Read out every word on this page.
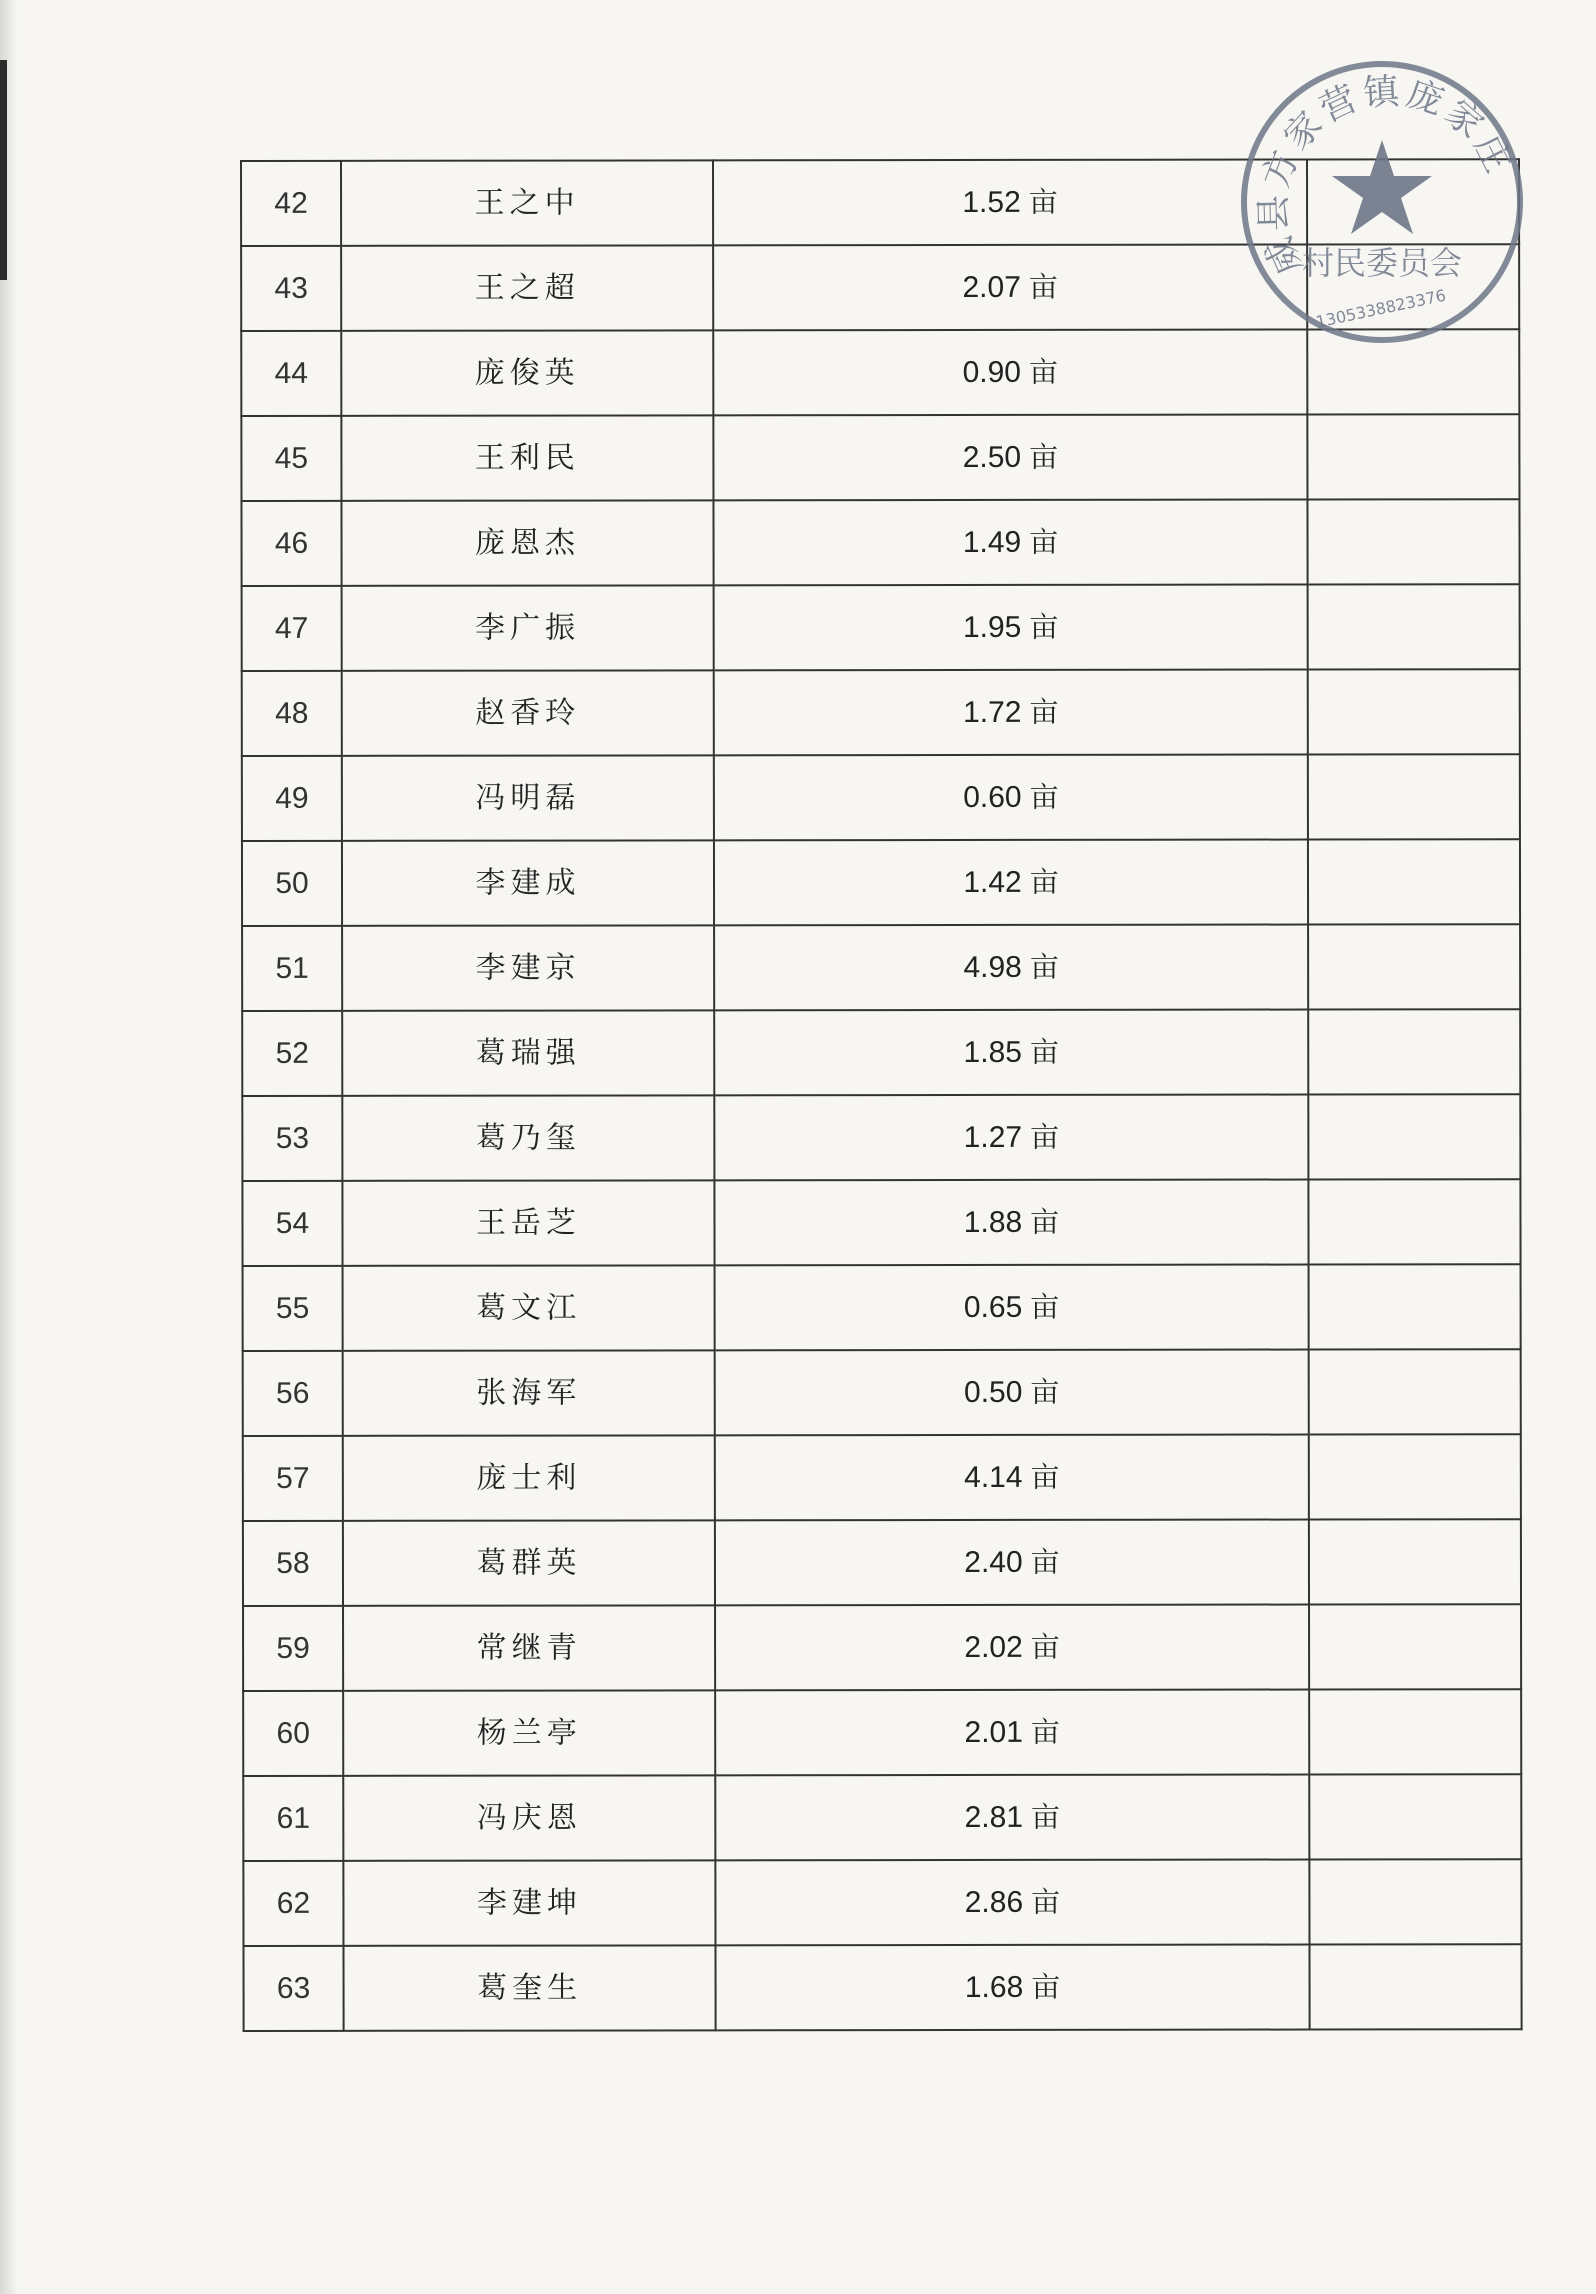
42	王之中	1.52 亩	
43	王之超	2.07 亩	
44	庞俊英	0.90 亩	
45	王利民	2.50 亩	
46	庞恩杰	1.49 亩	
47	李广振	1.95 亩	
48	赵香玲	1.72 亩	
49	冯明磊	0.60 亩	
50	李建成	1.42 亩	
51	李建京	4.98 亩	
52	葛瑞强	1.85 亩	
53	葛乃玺	1.27 亩	
54	王岳芝	1.88 亩	
55	葛文江	0.65 亩	
56	张海军	0.50 亩	
57	庞士利	4.14 亩	
58	葛群英	2.40 亩	
59	常继青	2.02 亩	
60	杨兰亭	2.01 亩	
61	冯庆恩	2.81 亩	
62	李建坤	2.86 亩	
63	葛奎生	1.68 亩	
威县方家营镇庞家庄
村民委员会
1305338823376
